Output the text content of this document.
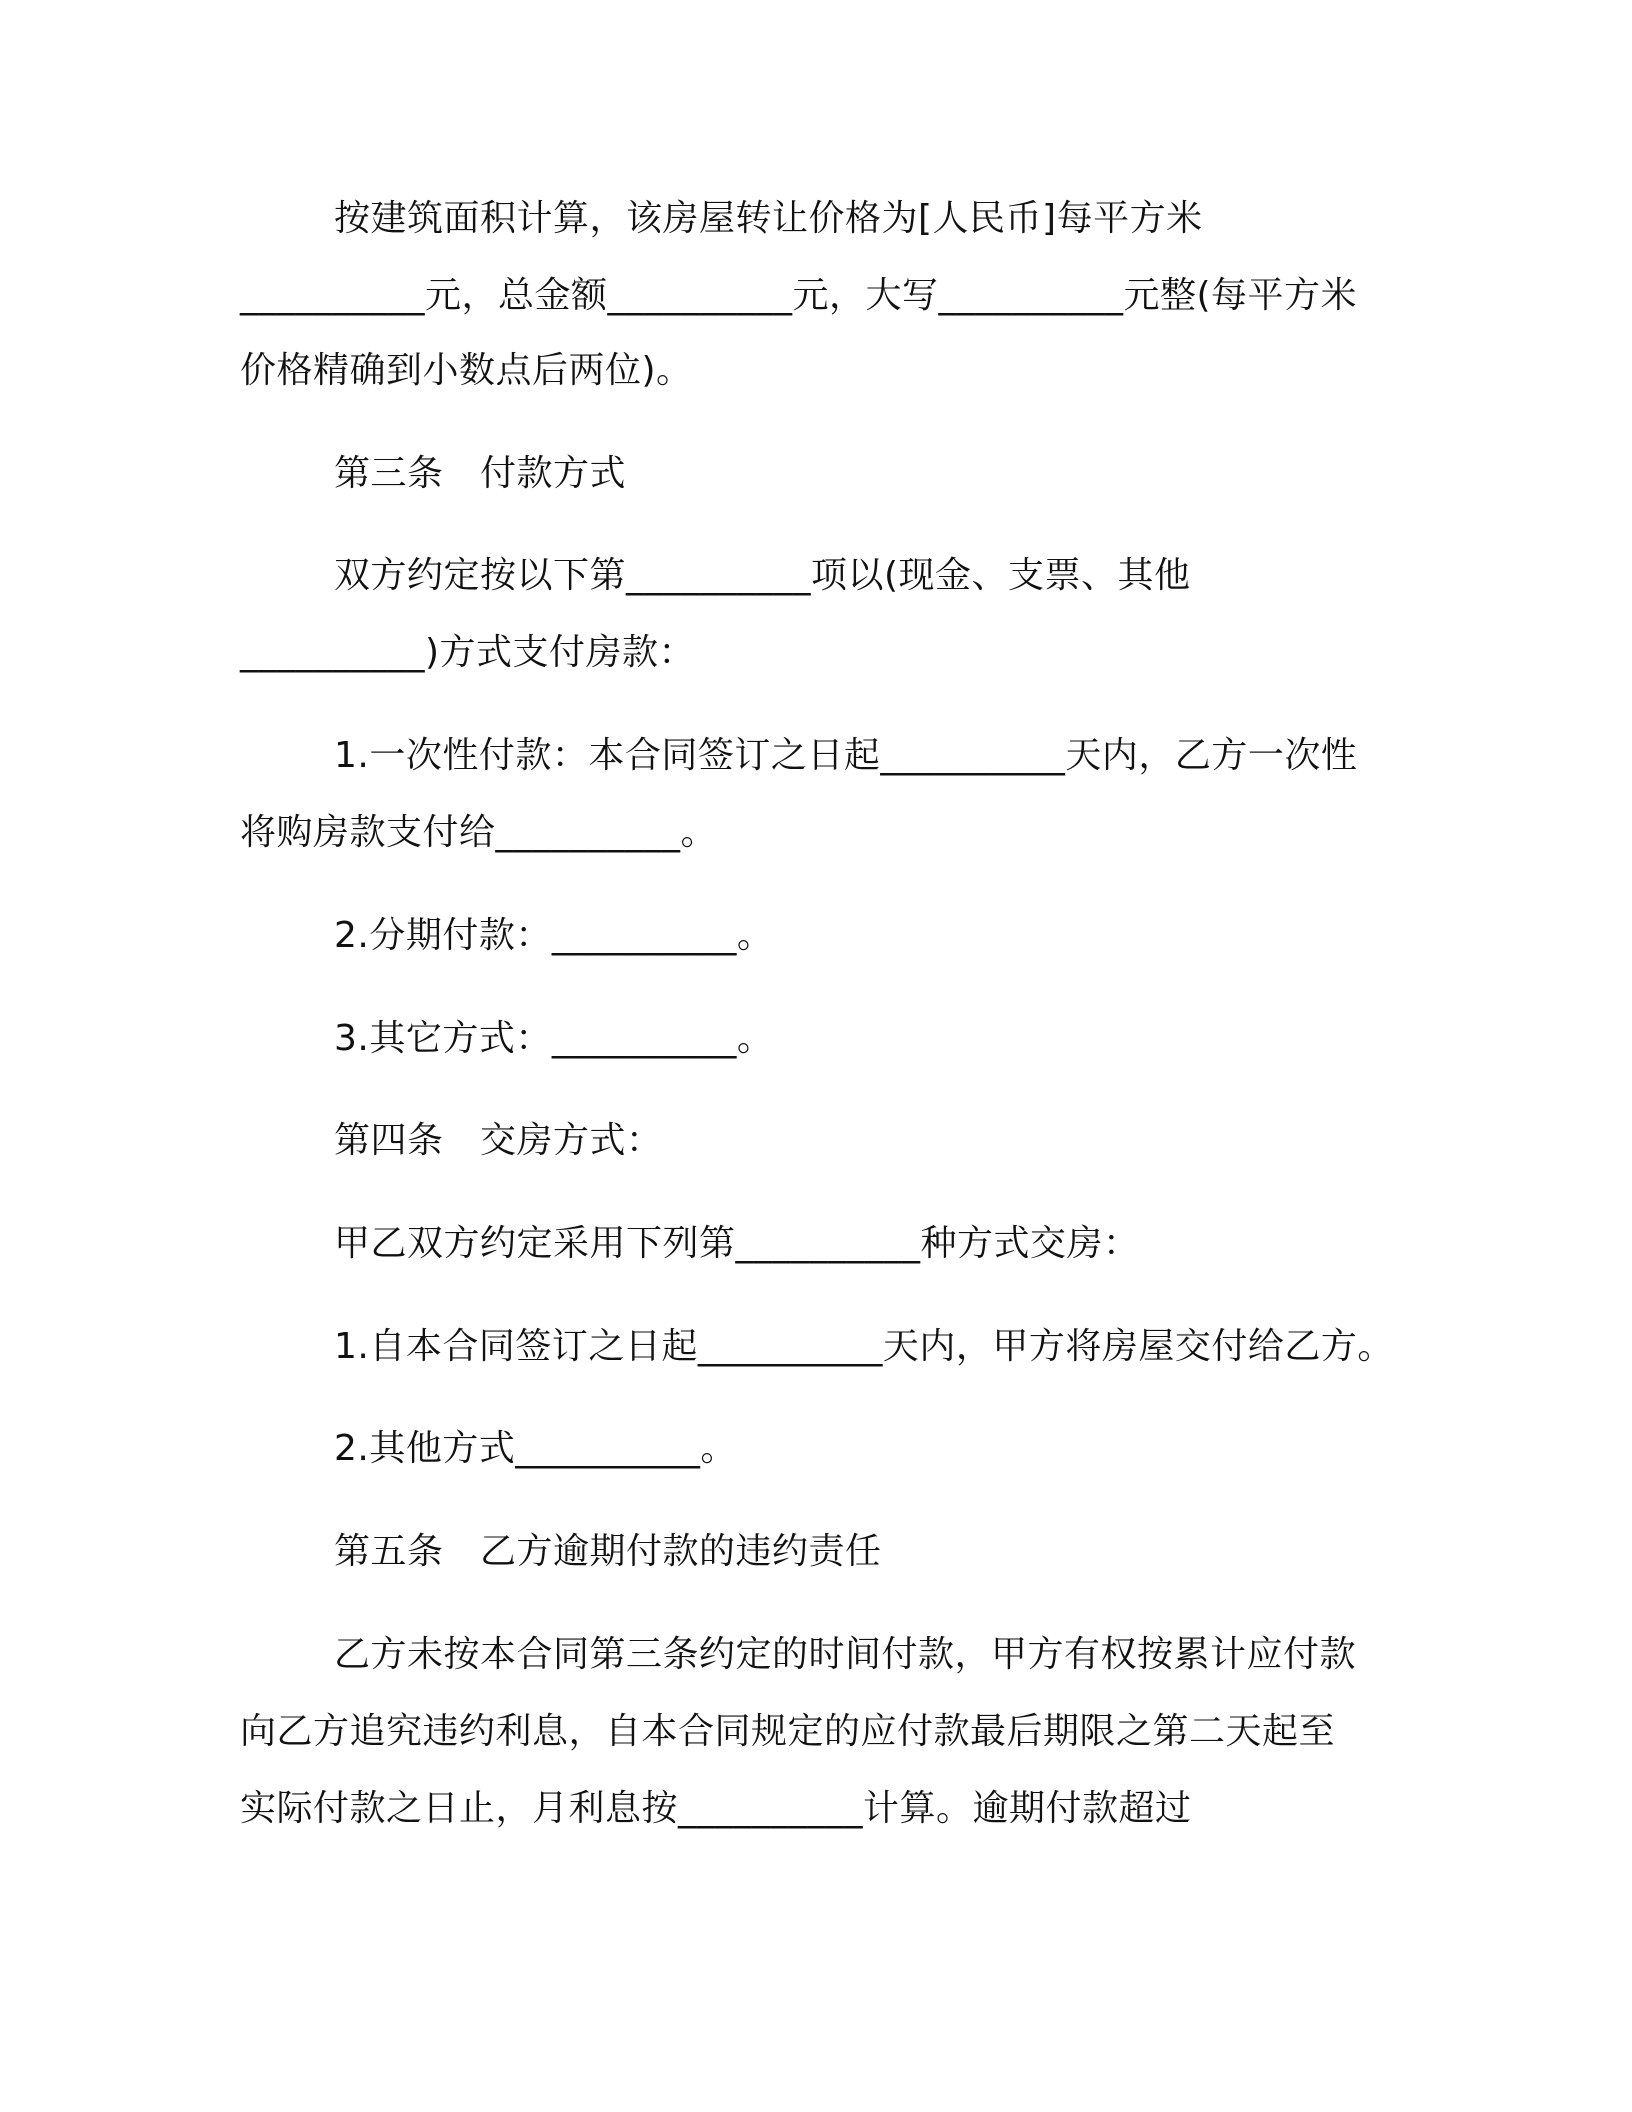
按建筑面积计算，该房屋转让价格为[人民币]每平方米
__________元，总金额__________元，大写__________元整(每平方米
价格精确到小数点后两位)。
第三条　付款方式
双方约定按以下第__________项以(现金、支票、其他
__________)方式支付房款：
1.一次性付款：本合同签订之日起__________天内，乙方一次性
将购房款支付给__________。
2.分期付款：__________。
3.其它方式：__________。
第四条　交房方式：
甲乙双方约定采用下列第__________种方式交房：
1.自本合同签订之日起__________天内，甲方将房屋交付给乙方。
2.其他方式__________。
第五条　乙方逾期付款的违约责任
乙方未按本合同第三条约定的时间付款，甲方有权按累计应付款
向乙方追究违约利息，自本合同规定的应付款最后期限之第二天起至
实际付款之日止，月利息按__________计算。逾期付款超过
